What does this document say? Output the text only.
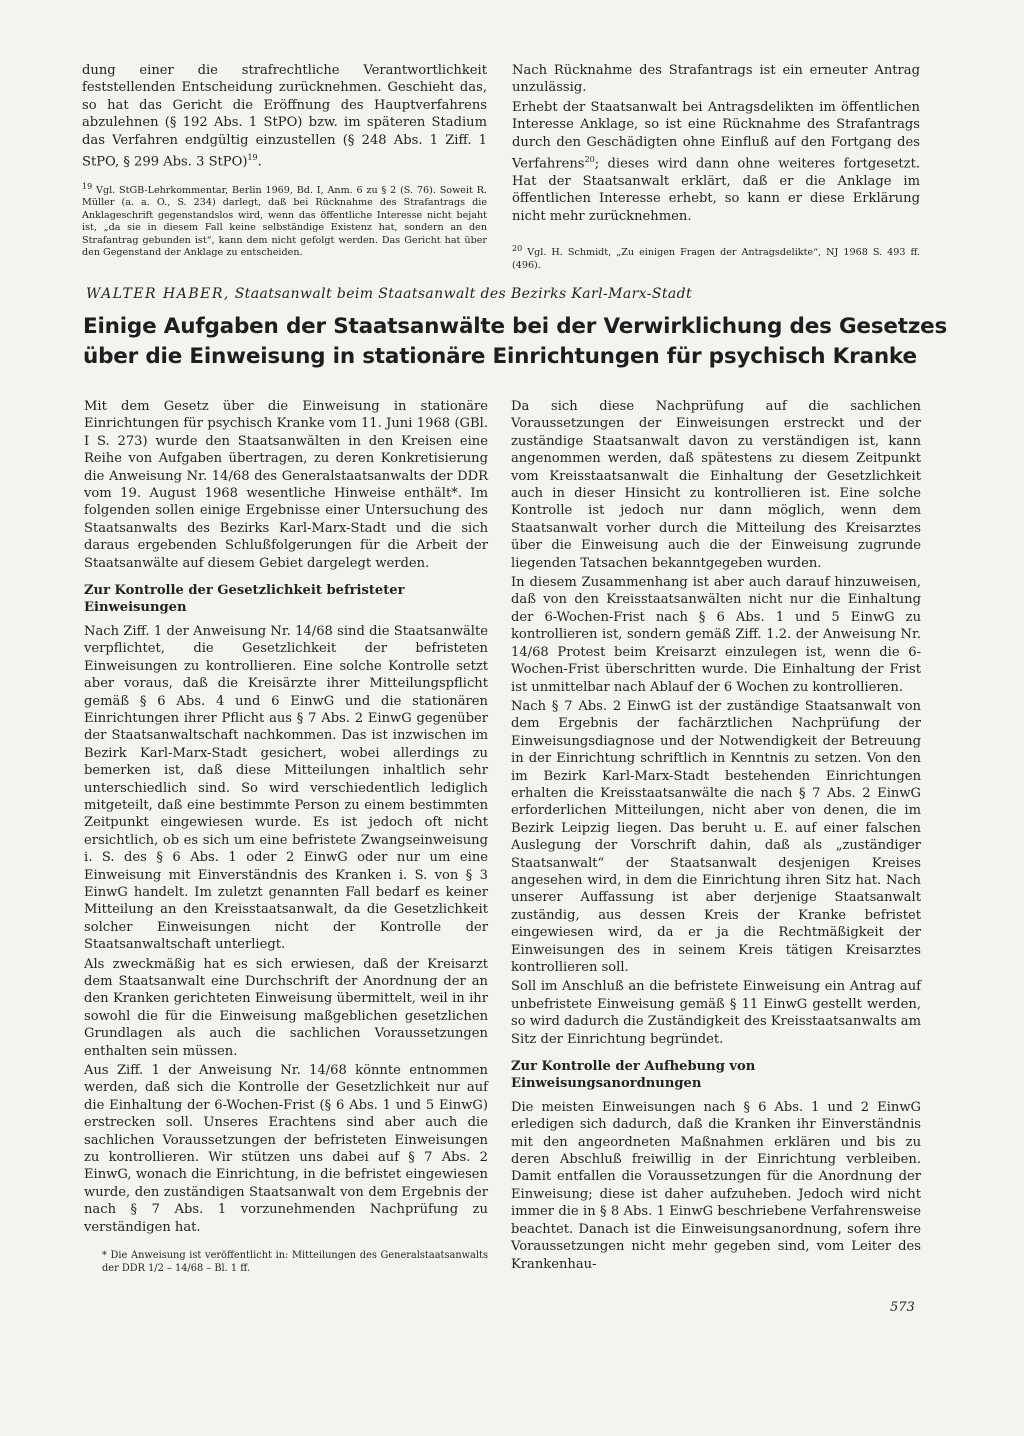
dung einer die strafrechtliche Verantwortlichkeit feststellenden Entscheidung zurücknehmen. Geschieht das, so hat das Gericht die Eröffnung des Hauptverfahrens abzulehnen (§ 192 Abs. 1 StPO) bzw. im späteren Stadium das Verfahren endgültig einzustellen (§ 248 Abs. 1 Ziff. 1 StPO, § 299 Abs. 3 StPO)$^{19}$.

$^{19}$ Vgl. StGB-Lehrkommentar, Berlin 1969, Bd. I, Anm. 6 zu § 2 (S. 76). Soweit R. Müller (a. a. O., S. 234) darlegt, daß bei Rücknahme des Strafantrags die Anklageschrift gegenstandslos wird, wenn das öffentliche Interesse nicht bejaht ist, „da sie in diesem Fall keine selbständige Existenz hat, sondern an den Strafantrag gebunden ist“, kann dem nicht gefolgt werden. Das Gericht hat über den Gegenstand der Anklage zu entscheiden.

Nach Rücknahme des Strafantrags ist ein erneuter Antrag unzulässig.

Erhebt der Staatsanwalt bei Antragsdelikten im öffentlichen Interesse Anklage, so ist eine Rücknahme des Strafantrags durch den Geschädigten ohne Einfluß auf den Fortgang des Verfahrens$^{20}$; dieses wird dann ohne weiteres fortgesetzt. Hat der Staatsanwalt erklärt, daß er die Anklage im öffentlichen Interesse erhebt, so kann er diese Erklärung nicht mehr zurücknehmen.

$^{20}$ Vgl. H. Schmidt, „Zu einigen Fragen der Antragsdelikte“, NJ 1968 S. 493 ff. (496).

WALTER HABER, Staatsanwalt beim Staatsanwalt des Bezirks Karl-Marx-Stadt
Einige Aufgaben der Staatsanwälte bei der Verwirklichung des Gesetzes
über die Einweisung in stationäre Einrichtungen für psychisch Kranke

Mit dem Gesetz über die Einweisung in stationäre Einrichtungen für psychisch Kranke vom 11. Juni 1968 (GBl. I S. 273) wurde den Staatsanwälten in den Kreisen eine Reihe von Aufgaben übertragen, zu deren Konkretisierung die Anweisung Nr. 14/68 des Generalstaatsanwalts der DDR vom 19. August 1968 wesentliche Hinweise enthält*. Im folgenden sollen einige Ergebnisse einer Untersuchung des Staatsanwalts des Bezirks Karl-Marx-Stadt und die sich daraus ergebenden Schlußfolgerungen für die Arbeit der Staatsanwälte auf diesem Gebiet dargelegt werden.

Zur Kontrolle der Gesetzlichkeit befristeter
Einweisungen

Nach Ziff. 1 der Anweisung Nr. 14/68 sind die Staatsanwälte verpflichtet, die Gesetzlichkeit der befristeten Einweisungen zu kontrollieren. Eine solche Kontrolle setzt aber voraus, daß die Kreisärzte ihrer Mitteilungspflicht gemäß § 6 Abs. 4 und 6 EinwG und die stationären Einrichtungen ihrer Pflicht aus § 7 Abs. 2 EinwG gegenüber der Staatsanwaltschaft nachkommen. Das ist inzwischen im Bezirk Karl-Marx-Stadt gesichert, wobei allerdings zu bemerken ist, daß diese Mitteilungen inhaltlich sehr unterschiedlich sind. So wird verschiedentlich lediglich mitgeteilt, daß eine bestimmte Person zu einem bestimmten Zeitpunkt eingewiesen wurde. Es ist jedoch oft nicht ersichtlich, ob es sich um eine befristete Zwangseinweisung i. S. des § 6 Abs. 1 oder 2 EinwG oder nur um eine Einweisung mit Einverständnis des Kranken i. S. von § 3 EinwG handelt. Im zuletzt genannten Fall bedarf es keiner Mitteilung an den Kreisstaatsanwalt, da die Gesetzlichkeit solcher Einweisungen nicht der Kontrolle der Staatsanwaltschaft unterliegt.

Als zweckmäßig hat es sich erwiesen, daß der Kreisarzt dem Staatsanwalt eine Durchschrift der Anordnung der an den Kranken gerichteten Einweisung übermittelt, weil in ihr sowohl die für die Einweisung maßgeblichen gesetzlichen Grundlagen als auch die sachlichen Voraussetzungen enthalten sein müssen.

Aus Ziff. 1 der Anweisung Nr. 14/68 könnte entnommen werden, daß sich die Kontrolle der Gesetzlichkeit nur auf die Einhaltung der 6-Wochen-Frist (§ 6 Abs. 1 und 5 EinwG) erstrecken soll. Unseres Erachtens sind aber auch die sachlichen Voraussetzungen der befristeten Einweisungen zu kontrollieren. Wir stützen uns dabei auf § 7 Abs. 2 EinwG, wonach die Einrichtung, in die befristet eingewiesen wurde, den zuständigen Staatsanwalt von dem Ergebnis der nach § 7 Abs. 1 vorzunehmenden Nachprüfung zu verständigen hat.

* Die Anweisung ist veröffentlicht in: Mitteilungen des Generalstaatsanwalts der DDR 1/2 – 14/68 – Bl. 1 ff.

Da sich diese Nachprüfung auf die sachlichen Voraussetzungen der Einweisungen erstreckt und der zuständige Staatsanwalt davon zu verständigen ist, kann angenommen werden, daß spätestens zu diesem Zeitpunkt vom Kreisstaatsanwalt die Einhaltung der Gesetzlichkeit auch in dieser Hinsicht zu kontrollieren ist. Eine solche Kontrolle ist jedoch nur dann möglich, wenn dem Staatsanwalt vorher durch die Mitteilung des Kreisarztes über die Einweisung auch die der Einweisung zugrunde liegenden Tatsachen bekanntgegeben wurden.

In diesem Zusammenhang ist aber auch darauf hinzuweisen, daß von den Kreisstaatsanwälten nicht nur die Einhaltung der 6-Wochen-Frist nach § 6 Abs. 1 und 5 EinwG zu kontrollieren ist, sondern gemäß Ziff. 1.2. der Anweisung Nr. 14/68 Protest beim Kreisarzt einzulegen ist, wenn die 6-Wochen-Frist überschritten wurde. Die Einhaltung der Frist ist unmittelbar nach Ablauf der 6 Wochen zu kontrollieren.

Nach § 7 Abs. 2 EinwG ist der zuständige Staatsanwalt von dem Ergebnis der fachärztlichen Nachprüfung der Einweisungsdiagnose und der Notwendigkeit der Betreuung in der Einrichtung schriftlich in Kenntnis zu setzen. Von den im Bezirk Karl-Marx-Stadt bestehenden Einrichtungen erhalten die Kreisstaatsanwälte die nach § 7 Abs. 2 EinwG erforderlichen Mitteilungen, nicht aber von denen, die im Bezirk Leipzig liegen. Das beruht u. E. auf einer falschen Auslegung der Vorschrift dahin, daß als „zuständiger Staatsanwalt“ der Staatsanwalt desjenigen Kreises angesehen wird, in dem die Einrichtung ihren Sitz hat. Nach unserer Auffassung ist aber derjenige Staatsanwalt zuständig, aus dessen Kreis der Kranke befristet eingewiesen wird, da er ja die Rechtmäßigkeit der Einweisungen des in seinem Kreis tätigen Kreisarztes kontrollieren soll.

Soll im Anschluß an die befristete Einweisung ein Antrag auf unbefristete Einweisung gemäß § 11 EinwG gestellt werden, so wird dadurch die Zuständigkeit des Kreisstaatsanwalts am Sitz der Einrichtung begründet.

Zur Kontrolle der Aufhebung von
Einweisungsanordnungen

Die meisten Einweisungen nach § 6 Abs. 1 und 2 EinwG erledigen sich dadurch, daß die Kranken ihr Einverständnis mit den angeordneten Maßnahmen erklären und bis zu deren Abschluß freiwillig in der Einrichtung verbleiben. Damit entfallen die Voraussetzungen für die Anordnung der Einweisung; diese ist daher aufzuheben. Jedoch wird nicht immer die in § 8 Abs. 1 EinwG beschriebene Verfahrensweise beachtet. Danach ist die Einweisungsanordnung, sofern ihre Voraussetzungen nicht mehr gegeben sind, vom Leiter des Krankenhau-

573
